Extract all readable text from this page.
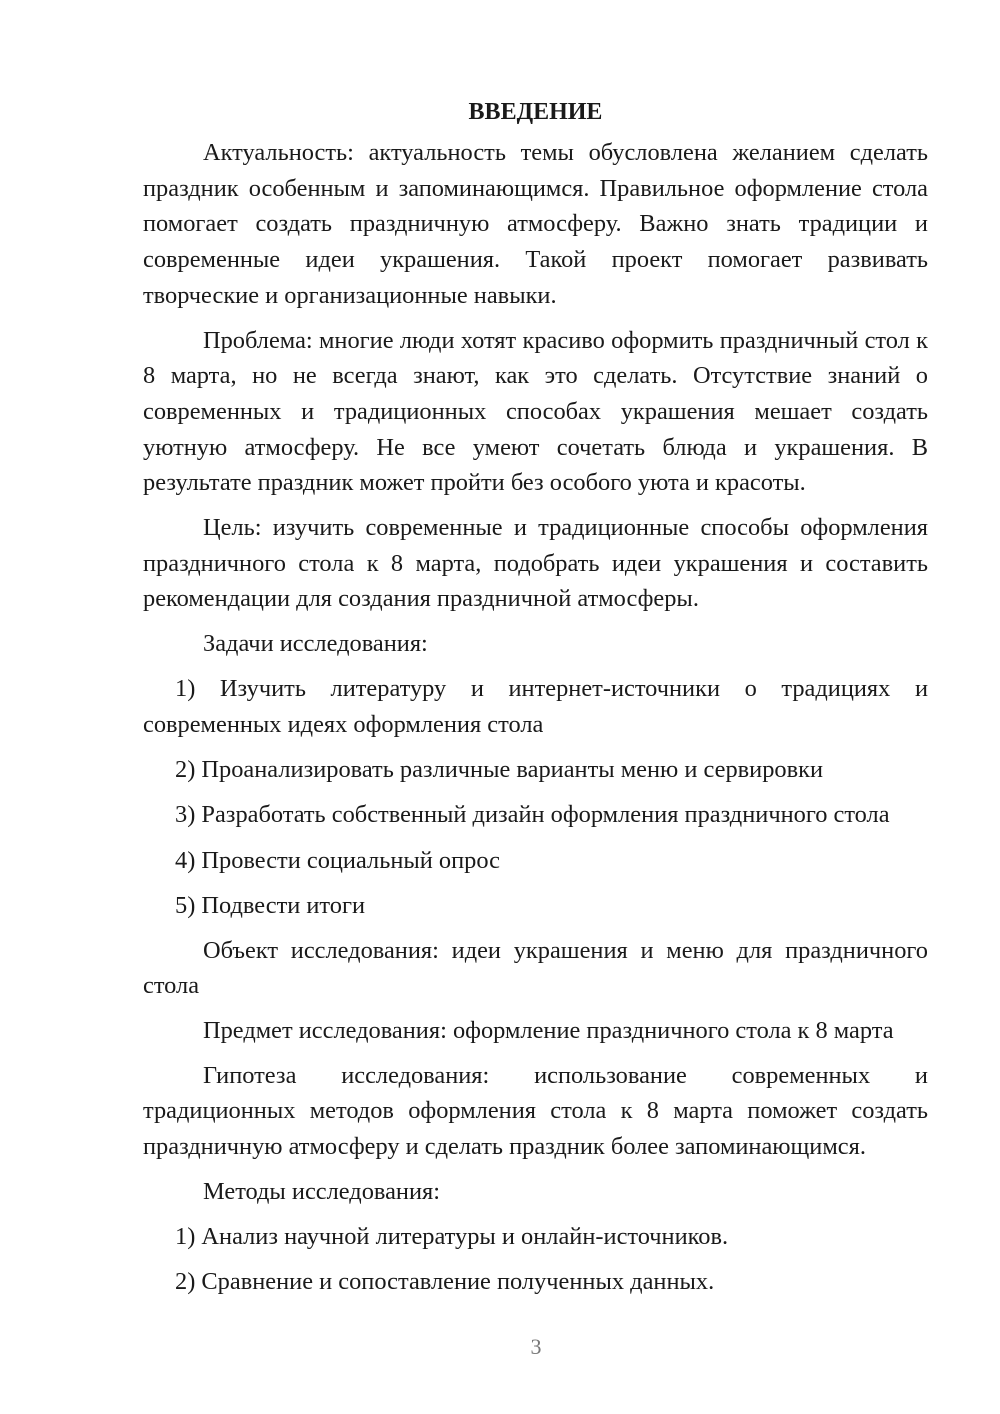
ВВЕДЕНИЕ

Актуальность: актуальность темы обусловлена желанием сделать праздник особенным и запоминающимся. Правильное оформление стола помогает создать праздничную атмосферу. Важно знать традиции и современные идеи украшения. Такой проект помогает развивать творческие и организационные навыки.

Проблема: многие люди хотят красиво оформить праздничный стол к 8 марта, но не всегда знают, как это сделать. Отсутствие знаний о современных и традиционных способах украшения мешает создать уютную атмосферу. Не все умеют сочетать блюда и украшения. В результате праздник может пройти без особого уюта и красоты.

Цель: изучить современные и традиционные способы оформления праздничного стола к 8 марта, подобрать идеи украшения и составить рекомендации для создания праздничной атмосферы.

Задачи исследования:

1) Изучить литературу и интернет-источники о традициях и современных идеях оформления стола

2) Проанализировать различные варианты меню и сервировки

3) Разработать собственный дизайн оформления праздничного стола

4) Провести социальный опрос

5) Подвести итоги

Объект исследования: идеи украшения и меню для праздничного стола

Предмет исследования: оформление праздничного стола к 8 марта

Гипотеза исследования: использование современных и традиционных методов оформления стола к 8 марта поможет создать праздничную атмосферу и сделать праздник более запоминающимся.

Методы исследования:

1) Анализ научной литературы и онлайн-источников.

2) Сравнение и сопоставление полученных данных.

3
